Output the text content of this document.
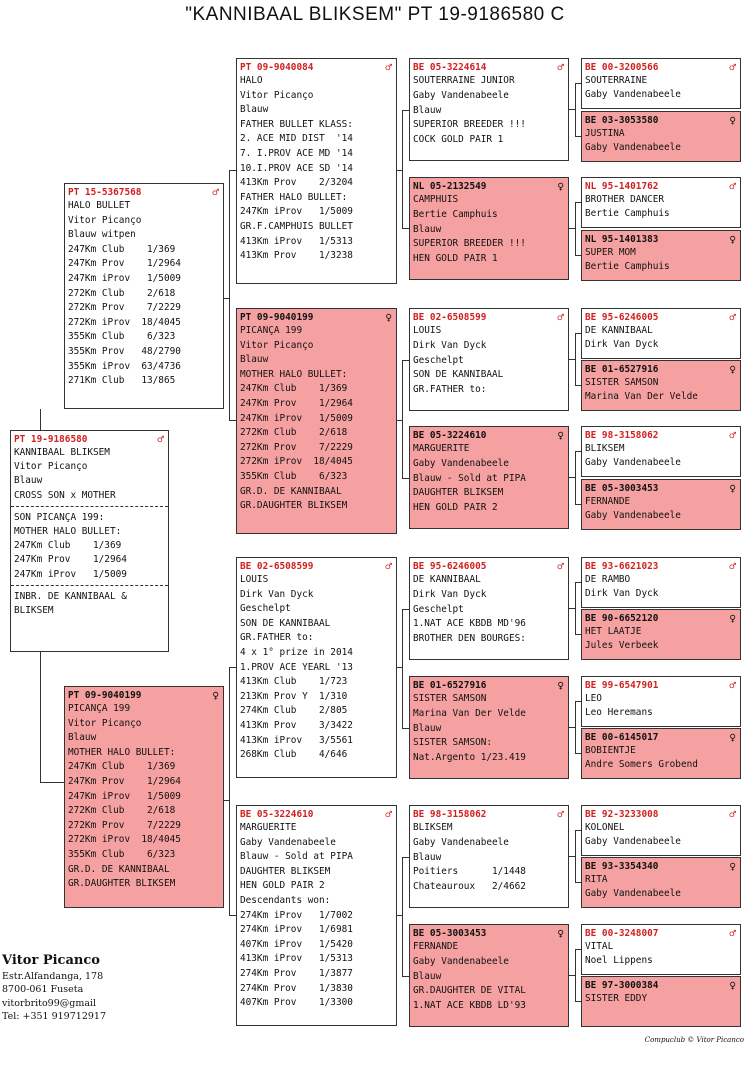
"KANNIBAAL BLIKSEM" PT 19-9186580 C
PT 19-9186580	♂
KANNIBAAL BLIKSEM
Vitor Picanço
Blauw
CROSS SON x MOTHER
SON PICANÇA 199:
MOTHER HALO BULLET:
247Km Club    1/369
247Km Prov    1/2964
247Km iProv   1/5009
INBR. DE KANNIBAAL &
BLIKSEM
PT 15-5367568	♂
HALO BULLET
Vitor Picanço
Blauw witpen
247Km Club    1/369
247Km Prov    1/2964
247Km iProv   1/5009
272Km Club    2/618
272Km Prov    7/2229
272Km iProv  18/4045
355Km Club    6/323
355Km Prov   48/2790
355Km iProv  63/4736
271Km Club   13/865
PT 09-9040199	♀
PICANÇA 199
Vitor Picanço
Blauw
MOTHER HALO BULLET:
247Km Club    1/369
247Km Prov    1/2964
247Km iProv   1/5009
272Km Club    2/618
272Km Prov    7/2229
272Km iProv  18/4045
355Km Club    6/323
GR.D. DE KANNIBAAL
GR.DAUGHTER BLIKSEM
PT 09-9040084	♂
HALO
Vitor Picanço
Blauw
FATHER BULLET KLASS:
2. ACE MID DIST  '14
7. I.PROV ACE MD '14
10.I.PROV ACE SD '14
413Km Prov    2/3204
FATHER HALO BULLET:
247Km iProv   1/5009
GR.F.CAMPHUIS BULLET
413Km iProv   1/5313
413Km Prov    1/3238
PT 09-9040199	♀
PICANÇA 199
Vitor Picanço
Blauw
MOTHER HALO BULLET:
247Km Club    1/369
247Km Prov    1/2964
247Km iProv   1/5009
272Km Club    2/618
272Km Prov    7/2229
272Km iProv  18/4045
355Km Club    6/323
GR.D. DE KANNIBAAL
GR.DAUGHTER BLIKSEM
BE 02-6508599	♂
LOUIS
Dirk Van Dyck
Geschelpt
SON DE KANNIBAAL
GR.FATHER to:
4 x 1° prize in 2014
1.PROV ACE YEARL '13
413Km Club    1/723
213Km Prov Y  1/310
274Km Club    2/805
413Km Prov    3/3422
413Km iProv   3/5561
268Km Club    4/646
BE 05-3224610	♂
MARGUERITE
Gaby Vandenabeele
Blauw - Sold at PIPA
DAUGHTER BLIKSEM
HEN GOLD PAIR 2
Descendants won:
274Km iProv   1/7002
274Km iProv   1/6981
407Km iProv   1/5420
413Km iProv   1/5313
274Km Prov    1/3877
274Km Prov    1/3830
407Km Prov    1/3300
BE 05-3224614	♂
SOUTERRAINE JUNIOR
Gaby Vandenabeele
Blauw
SUPERIOR BREEDER !!!
COCK GOLD PAIR 1
NL 05-2132549	♀
CAMPHUIS
Bertie Camphuis
Blauw
SUPERIOR BREEDER !!!
HEN GOLD PAIR 1
BE 02-6508599	♂
LOUIS
Dirk Van Dyck
Geschelpt
SON DE KANNIBAAL
GR.FATHER to:
BE 05-3224610	♀
MARGUERITE
Gaby Vandenabeele
Blauw - Sold at PIPA
DAUGHTER BLIKSEM
HEN GOLD PAIR 2
BE 95-6246005	♂
DE KANNIBAAL
Dirk Van Dyck
Geschelpt
1.NAT ACE KBDB MD'96
BROTHER DEN BOURGES:
BE 01-6527916	♀
SISTER SAMSON
Marina Van Der Velde
Blauw
SISTER SAMSON:
Nat.Argento 1/23.419
BE 98-3158062	♂
BLIKSEM
Gaby Vandenabeele
Blauw
Poitiers      1/1448
Chateauroux   2/4662
BE 05-3003453	♀
FERNANDE
Gaby Vandenabeele
Blauw
GR.DAUGHTER DE VITAL
1.NAT ACE KBDB LD'93
BE 00-3200566	♂
SOUTERRAINE
Gaby Vandenabeele
BE 03-3053580	♀
JUSTINA
Gaby Vandenabeele
NL 95-1401762	♂
BROTHER DANCER
Bertie Camphuis
NL 95-1401383	♀
SUPER MOM
Bertie Camphuis
BE 95-6246005	♂
DE KANNIBAAL
Dirk Van Dyck
BE 01-6527916	♀
SISTER SAMSON
Marina Van Der Velde
BE 98-3158062	♂
BLIKSEM
Gaby Vandenabeele
BE 05-3003453	♀
FERNANDE
Gaby Vandenabeele
BE 93-6621023	♂
DE RAMBO
Dirk Van Dyck
BE 90-6652120	♀
HET LAATJE
Jules Verbeek
BE 99-6547901	♂
LEO
Leo Heremans
BE 00-6145017	♀
BOBIENTJE
Andre Somers Grobend
BE 92-3233008	♂
KOLONEL
Gaby Vandenabeele
BE 93-3354340	♀
RITA
Gaby Vandenabeele
BE 00-3248007	♂
VITAL
Noel Lippens
BE 97-3000384	♀
SISTER EDDY
Vitor Picanco
Estr.Alfandanga, 178
8700-061 Fuseta
vitorbrito99@gmail
Tel: +351 919712917
Compuclub © Vitor Picanco
